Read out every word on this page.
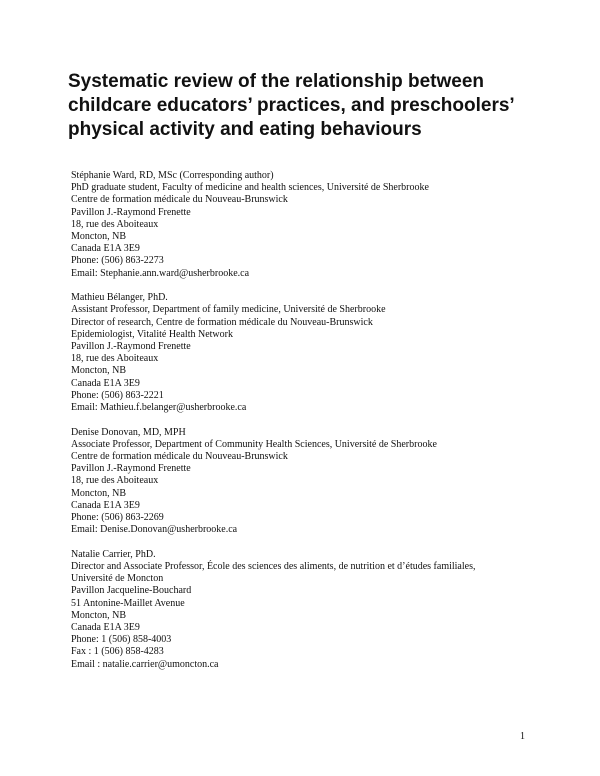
Systematic review of the relationship between
childcare educators’ practices, and preschoolers’
physical activity and eating behaviours
Stéphanie Ward, RD, MSc (Corresponding author)
PhD graduate student, Faculty of medicine and health sciences, Université de Sherbrooke
Centre de formation médicale du Nouveau-Brunswick
Pavillon J.-Raymond Frenette
18, rue des Aboiteaux
Moncton, NB
Canada E1A 3E9
Phone: (506) 863-2273
Email: Stephanie.ann.ward@usherbrooke.ca
Mathieu Bélanger, PhD.
Assistant Professor, Department of family medicine, Université de Sherbrooke
Director of research, Centre de formation médicale du Nouveau-Brunswick
Epidemiologist, Vitalité Health Network
Pavillon J.-Raymond Frenette
18, rue des Aboiteaux
Moncton, NB
Canada E1A 3E9
Phone: (506) 863-2221
Email: Mathieu.f.belanger@usherbrooke.ca
Denise Donovan, MD, MPH
Associate Professor, Department of Community Health Sciences, Université de Sherbrooke
Centre de formation médicale du Nouveau-Brunswick
Pavillon J.-Raymond Frenette
18, rue des Aboiteaux
Moncton, NB
Canada E1A 3E9
Phone: (506) 863-2269
Email: Denise.Donovan@usherbrooke.ca
Natalie Carrier, PhD.
Director and Associate Professor, École des sciences des aliments, de nutrition et d’études familiales,
Université de Moncton
Pavillon Jacqueline-Bouchard
51 Antonine-Maillet Avenue
Moncton, NB
Canada E1A 3E9
Phone: 1 (506) 858-4003
Fax : 1 (506) 858-4283
Email : natalie.carrier@umoncton.ca
1
